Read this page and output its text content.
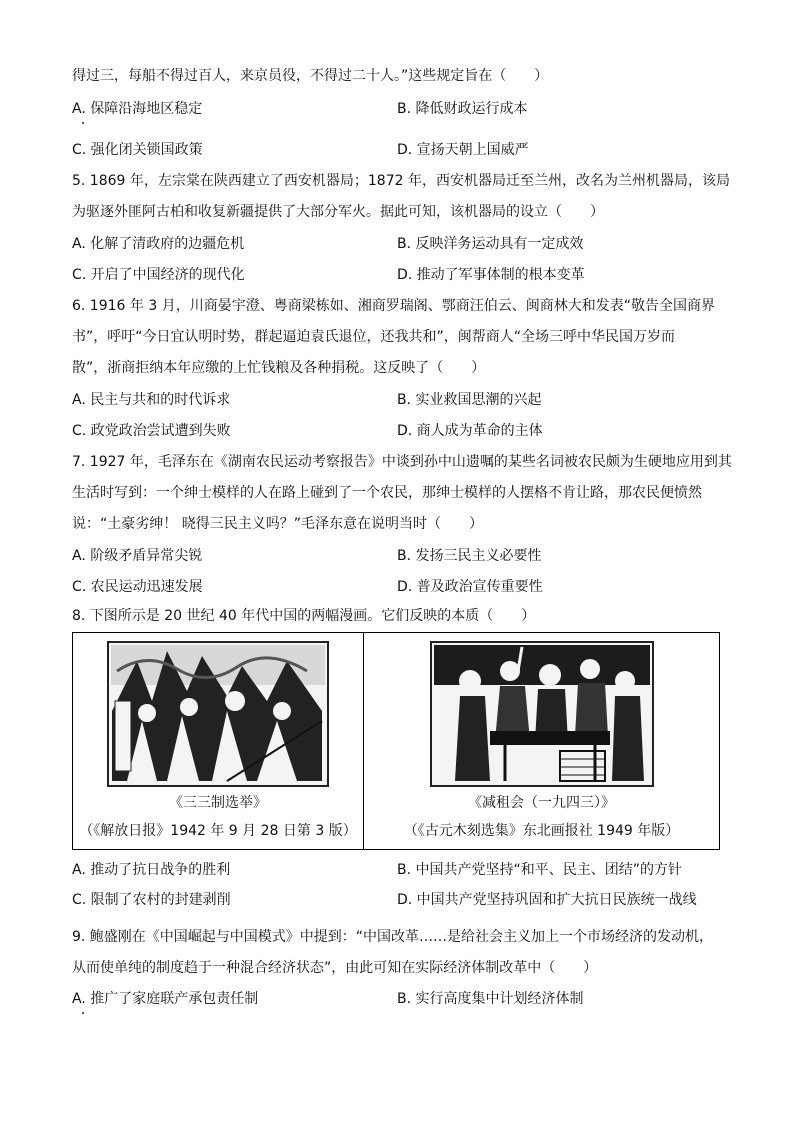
得过三，每船不得过百人，来京员役，不得过二十人。”这些规定旨在（　　）
A. 保障沿海地区稳定	B. 降低财政运行成本
C. 强化闭关锁国政策	D. 宣扬天朝上国威严
5. 1869 年，左宗棠在陕西建立了西安机器局；1872 年，西安机器局迁至兰州，改名为兰州机器局，该局
为驱逐外匪阿古柏和收复新疆提供了大部分军火。据此可知，该机器局的设立（　　）
A. 化解了清政府的边疆危机	B. 反映洋务运动具有一定成效
C. 开启了中国经济的现代化	D. 推动了军事体制的根本变革
6. 1916 年 3 月，川商晏宇澄、粤商梁栋如、湘商罗瑞阁、鄂商汪伯云、闽商林大和发表“敬告全国商界
书”，呼吁“今日宜认明时势，群起逼迫袁氏退位，还我共和”，闽帮商人“全场三呼中华民国万岁而
散”，浙商拒纳本年应缴的上忙钱粮及各种捐税。这反映了（　　）
A. 民主与共和的时代诉求	B. 实业救国思潮的兴起
C. 政党政治尝试遭到失败	D. 商人成为革命的主体
7. 1927 年，毛泽东在《湖南农民运动考察报告》中谈到孙中山遗嘱的某些名词被农民颇为生硬地应用到其
生活时写到：一个绅士模样的人在路上碰到了一个农民，那绅士模样的人摆格不肯让路，那农民便愤然
说：“土豪劣绅！ 晓得三民主义吗？”毛泽东意在说明当时（　　）
A. 阶级矛盾异常尖锐	B. 发扬三民主义必要性
C. 农民运动迅速发展	D. 普及政治宣传重要性
8. 下图所示是 20 世纪 40 年代中国的两幅漫画。它们反映的本质（　　）
《三三制选举》
（《解放日报》1942 年 9 月 28 日第 3 版）
《减租会（一九四三）》
（《古元木刻选集》东北画报社 1949 年版）
A. 推动了抗日战争的胜利	B. 中国共产党坚持“和平、民主、团结”的方针
C. 限制了农村的封建剥削	D. 中国共产党坚持巩固和扩大抗日民族统一战线
9. 鲍盛刚在《中国崛起与中国模式》中提到：“中国改革……是给社会主义加上一个市场经济的发动机，
从而使单纯的制度趋于一种混合经济状态”，由此可知在实际经济体制改革中（　　）
A. 推广了家庭联产承包责任制	B. 实行高度集中计划经济体制
